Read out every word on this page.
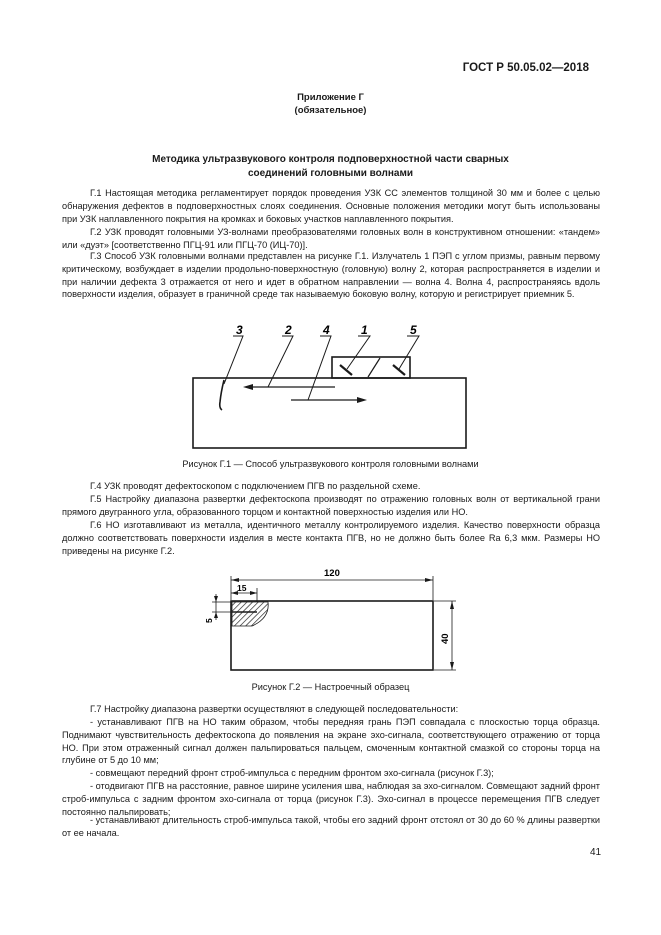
ГОСТ Р 50.05.02—2018
Приложение Г
(обязательное)
Методика ультразвукового контроля подповерхностной части сварных
соединений головными волнами
Г.1 Настоящая методика регламентирует порядок проведения УЗК СС элементов толщиной 30 мм и более с целью обнаружения дефектов в подповерхностных слоях соединения. Основные положения методики могут быть использованы при УЗК наплавленного покрытия на кромках и боковых участков наплавленного покрытия.
Г.2 УЗК проводят головными УЗ-волнами преобразователями головных волн в конструктивном отношении: «тандем» или «дуэт» [соответственно ПГЦ-91 или ПГЦ-70 (ИЦ-70)].
Г.3 Способ УЗК головными волнами представлен на рисунке Г.1. Излучатель 1 ПЭП с углом призмы, равным первому критическому, возбуждает в изделии продольно-поверхностную (головную) волну 2, которая распространяется в изделии и при наличии дефекта 3 отражается от него и идет в обратном направлении — волна 4. Волна 4, распространяясь вдоль поверхности изделия, образует в граничной среде так называемую боковую волну, которую и регистрирует приемник 5.
3	2	4	1	5
Рисунок Г.1 — Способ ультразвукового контроля головными волнами
Г.4 УЗК проводят дефектоскопом с подключением ПГВ по раздельной схеме.
Г.5 Настройку диапазона развертки дефектоскопа производят по отражению головных волн от вертикальной грани прямого двугранного угла, образованного торцом и контактной поверхностью изделия или НО.
Г.6 НО изготавливают из металла, идентичного металлу контролируемого изделия. Качество поверхности образца должно соответствовать поверхности изделия в месте контакта ПГВ, но не должно быть более Ra 6,3 мкм. Размеры НО приведены на рисунке Г.2.
120
15
5
40
Рисунок Г.2 — Настроечный образец
Г.7 Настройку диапазона развертки осуществляют в следующей последовательности:
- устанавливают ПГВ на НО таким образом, чтобы передняя грань ПЭП совпадала с плоскостью торца образца. Поднимают чувствительность дефектоскопа до появления на экране эхо-сигнала, соответствующего отражению от торца НО. При этом отраженный сигнал должен пальпироваться пальцем, смоченным контактной смазкой со стороны торца на глубине от 5 до 10 мм;
- совмещают передний фронт строб-импульса с передним фронтом эхо-сигнала (рисунок Г.3);
- отодвигают ПГВ на расстояние, равное ширине усиления шва, наблюдая за эхо-сигналом. Совмещают задний фронт строб-импульса с задним фронтом эхо-сигнала от торца (рисунок Г.3). Эхо-сигнал в процессе перемещения ПГВ следует постоянно пальпировать;
- устанавливают длительность строб-импульса такой, чтобы его задний фронт отстоял от 30 до 60 % длины развертки от ее начала.
41
